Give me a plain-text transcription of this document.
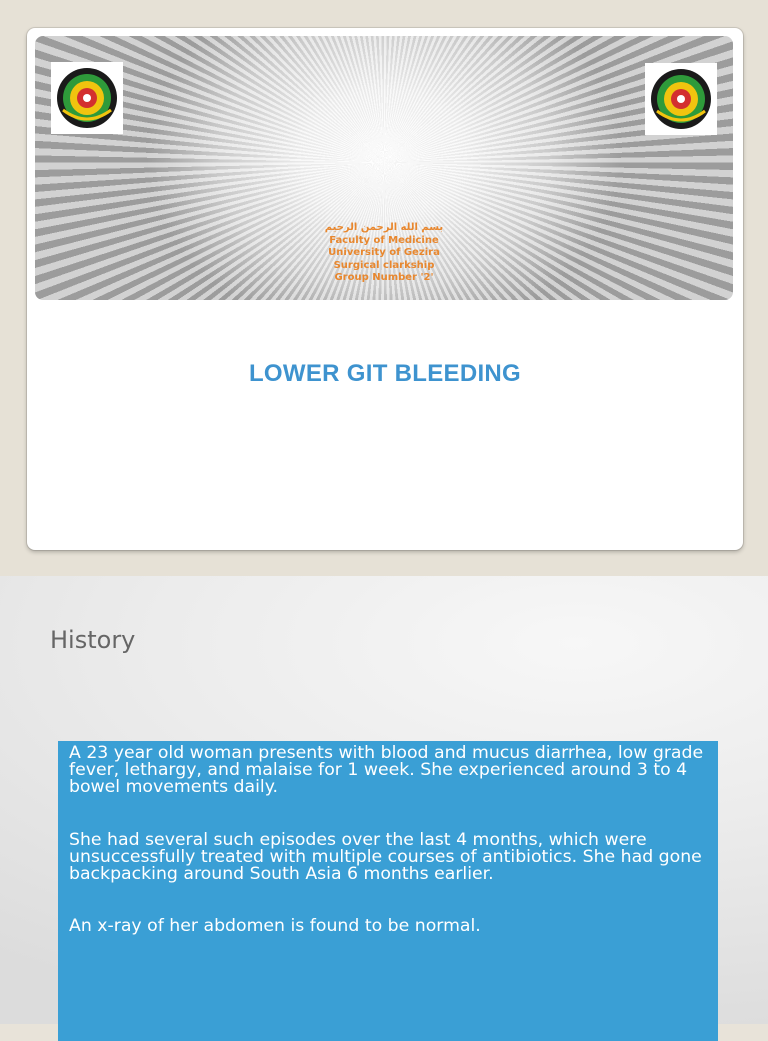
بسم الله الرحمن الرحيم
Faculty of Medicine
University of Gezira
Surgical clarkship
Group Number '2'
LOWER GIT BLEEDING
History

A 23 year old woman presents with blood and mucus diarrhea, low grade fever, lethargy, and malaise for 1 week. She experienced around 3 to 4 bowel movements daily.

She had several such episodes over the last 4 months, which were unsuccessfully treated with multiple courses of antibiotics. She had gone backpacking around South Asia 6 months earlier.

An x-ray of her abdomen is found to be normal.
